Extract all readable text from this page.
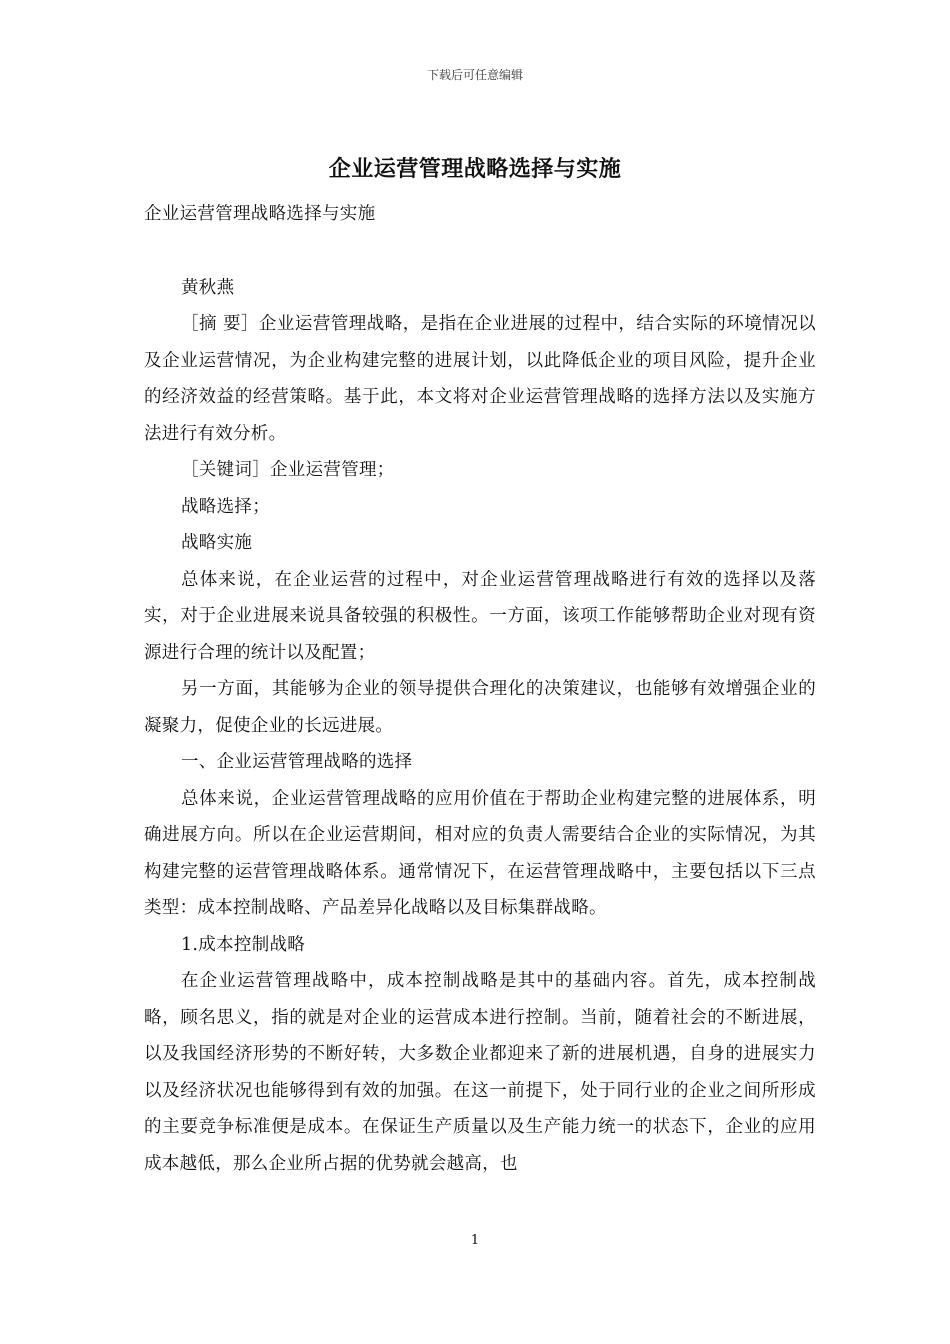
下载后可任意编辑
企业运营管理战略选择与实施

企业运营管理战略选择与实施

黄秋燕

［摘 要］企业运营管理战略，是指在企业进展的过程中，结合实际的环境情况以及企业运营情况，为企业构建完整的进展计划，以此降低企业的项目风险，提升企业的经济效益的经营策略。基于此，本文将对企业运营管理战略的选择方法以及实施方法进行有效分析。

［关键词］企业运营管理；

战略选择；

战略实施

总体来说，在企业运营的过程中，对企业运营管理战略进行有效的选择以及落实，对于企业进展来说具备较强的积极性。一方面，该项工作能够帮助企业对现有资源进行合理的统计以及配置；

另一方面，其能够为企业的领导提供合理化的决策建议，也能够有效增强企业的凝聚力，促使企业的长远进展。

一、企业运营管理战略的选择

总体来说，企业运营管理战略的应用价值在于帮助企业构建完整的进展体系，明确进展方向。所以在企业运营期间，相对应的负责人需要结合企业的实际情况，为其构建完整的运营管理战略体系。通常情况下，在运营管理战略中，主要包括以下三点类型：成本控制战略、产品差异化战略以及目标集群战略。

1.成本控制战略

在企业运营管理战略中，成本控制战略是其中的基础内容。首先，成本控制战略，顾名思义，指的就是对企业的运营成本进行控制。当前，随着社会的不断进展，以及我国经济形势的不断好转，大多数企业都迎来了新的进展机遇，自身的进展实力以及经济状况也能够得到有效的加强。在这一前提下，处于同行业的企业之间所形成的主要竞争标准便是成本。在保证生产质量以及生产能力统一的状态下，企业的应用成本越低，那么企业所占据的优势就会越高，也

1
